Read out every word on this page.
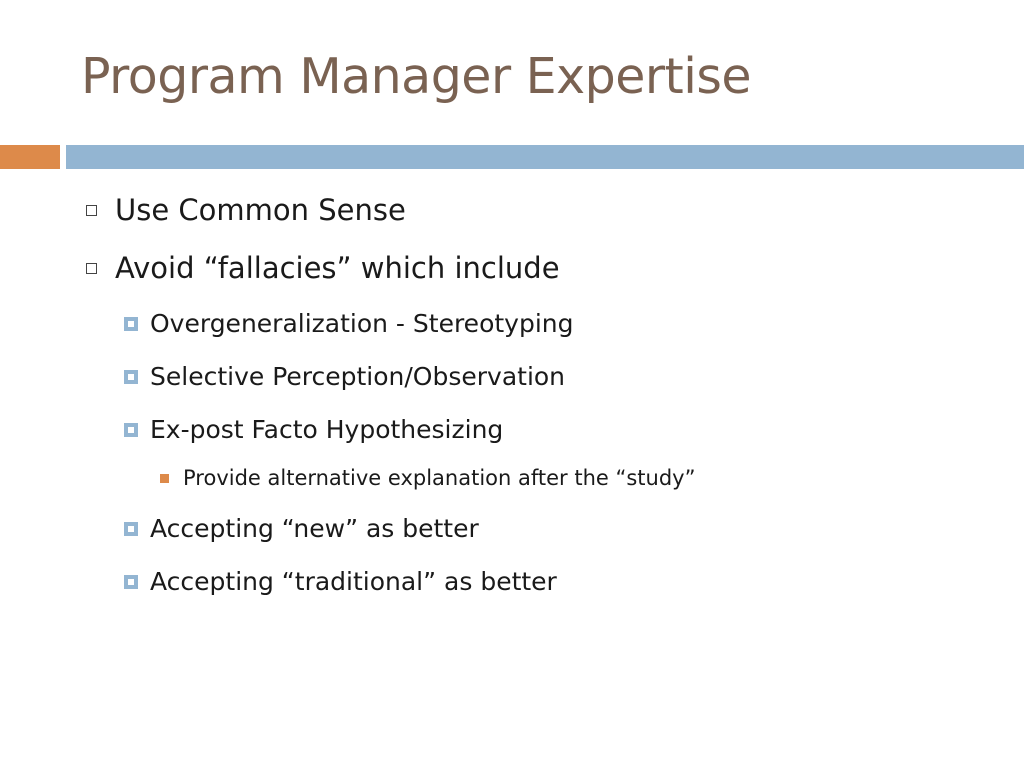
Program Manager Expertise
Use Common Sense
Avoid “fallacies” which include
Overgeneralization - Stereotyping
Selective Perception/Observation
Ex-post Facto Hypothesizing
Provide alternative explanation after the “study”
Accepting “new” as better
Accepting “traditional” as better
